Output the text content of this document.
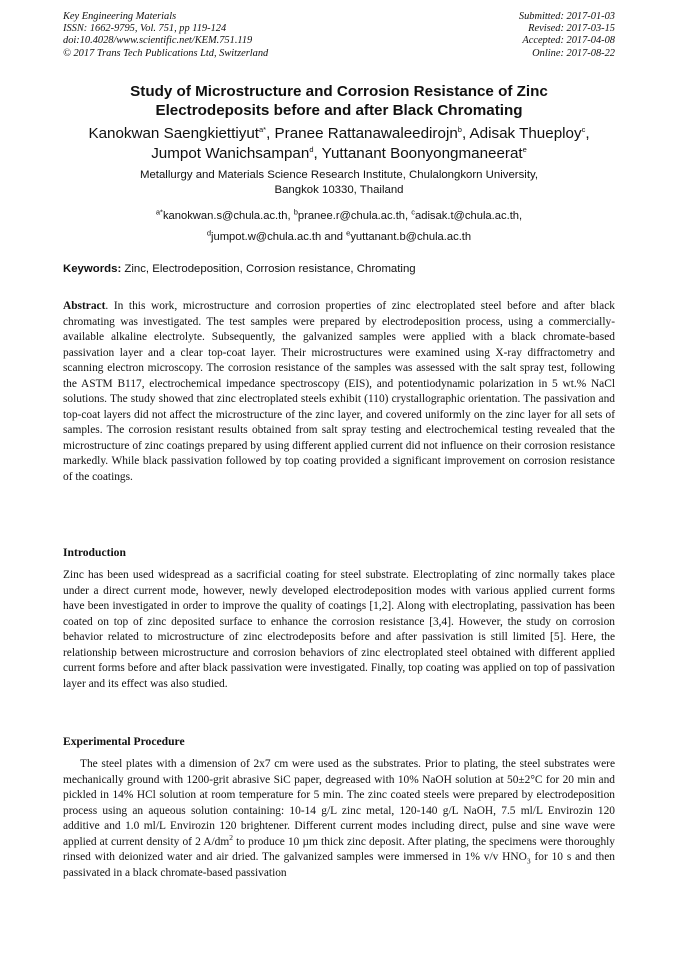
Key Engineering Materials
ISSN: 1662-9795, Vol. 751, pp 119-124
doi:10.4028/www.scientific.net/KEM.751.119
© 2017 Trans Tech Publications Ltd, Switzerland
Submitted: 2017-01-03
Revised: 2017-03-15
Accepted: 2017-04-08
Online: 2017-08-22
Study of Microstructure and Corrosion Resistance of Zinc
Electrodeposits before and after Black Chromating
Kanokwan Saengkiettiyut$^{a*}$, Pranee Rattanawaleedirojn$^b$, Adisak Thueploy$^c$,
Jumpot Wanichsampan$^d$, Yuttanant Boonyongmaneerat$^e$
Metallurgy and Materials Science Research Institute, Chulalongkorn University,
Bangkok 10330, Thailand
$^{a*}$kanokwan.s@chula.ac.th, $^b$pranee.r@chula.ac.th, $^c$adisak.t@chula.ac.th,
$^d$jumpot.w@chula.ac.th and $^e$yuttanant.b@chula.ac.th
Keywords: Zinc, Electrodeposition, Corrosion resistance, Chromating

Abstract. In this work, microstructure and corrosion properties of zinc electroplated steel before and after black chromating was investigated. The test samples were prepared by electrodeposition process, using a commercially-available alkaline electrolyte. Subsequently, the galvanized samples were applied with a black chromate-based passivation layer and a clear top-coat layer. Their microstructures were examined using X-ray diffractometry and scanning electron microscopy. The corrosion resistance of the samples was assessed with the salt spray test, following the ASTM B117, electrochemical impedance spectroscopy (EIS), and potentiodynamic polarization in 5 wt.% NaCl solutions. The study showed that zinc electroplated steels exhibit (110) crystallographic orientation. The passivation and top-coat layers did not affect the microstructure of the zinc layer, and covered uniformly on the zinc layer for all sets of samples. The corrosion resistant results obtained from salt spray testing and electrochemical testing revealed that the microstructure of zinc coatings prepared by using different applied current did not influence on their corrosion resistance markedly. While black passivation followed by top coating provided a significant improvement on corrosion resistance of the coatings.

Introduction

Zinc has been used widespread as a sacrificial coating for steel substrate. Electroplating of zinc normally takes place under a direct current mode, however, newly developed electrodeposition modes with various applied current forms have been investigated in order to improve the quality of coatings [1,2]. Along with electroplating, passivation has been coated on top of zinc deposited surface to enhance the corrosion resistance [3,4]. However, the study on corrosion behavior related to microstructure of zinc electrodeposits before and after passivation is still limited [5]. Here, the relationship between microstructure and corrosion behaviors of zinc electroplated steel obtained with different applied current forms before and after black passivation were investigated. Finally, top coating was applied on top of passivation layer and its effect was also studied.

Experimental Procedure

The steel plates with a dimension of 2x7 cm were used as the substrates. Prior to plating, the steel substrates were mechanically ground with 1200-grit abrasive SiC paper, degreased with 10% NaOH solution at 50±2°C for 20 min and pickled in 14% HCl solution at room temperature for 5 min. The zinc coated steels were prepared by electrodeposition process using an aqueous solution containing: 10-14 g/L zinc metal, 120-140 g/L NaOH, 7.5 ml/L Envirozin 120 additive and 1.0 ml/L Envirozin 120 brightener. Different current modes including direct, pulse and sine wave were applied at current density of 2 $A/dm^2$ to produce 10 µm thick zinc deposit. After plating, the specimens were thoroughly rinsed with deionized water and air dried. The galvanized samples were immersed in 1% v/v $HNO_3$ for 10 s and then passivated in a black chromate-based passivation
